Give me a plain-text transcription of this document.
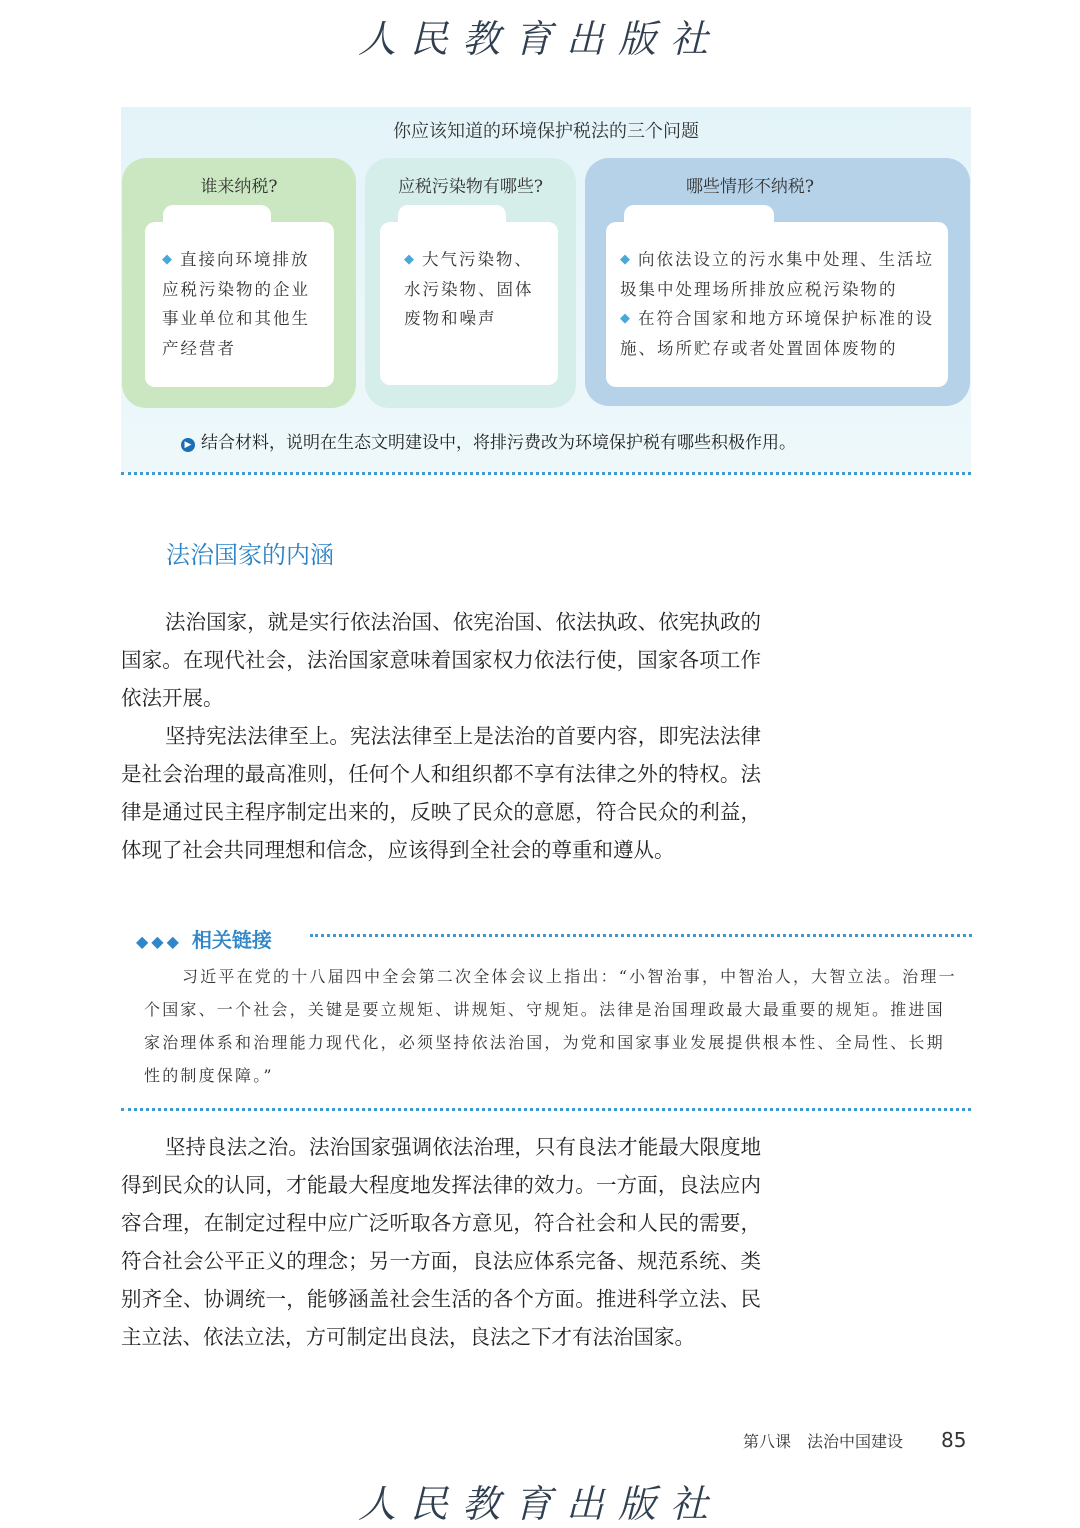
人民教育出版社
你应该知道的环境保护税法的三个问题
谁来纳税?
◆ 直接向环境排放应税污染物的企业事业单位和其他生产经营者
应税污染物有哪些?
◆ 大气污染物、水污染物、固体废物和噪声
哪些情形不纳税?
◆ 向依法设立的污水集中处理、生活垃圾集中处理场所排放应税污染物的
◆ 在符合国家和地方环境保护标准的设施、场所贮存或者处置固体废物的
▶ 结合材料，说明在生态文明建设中，将排污费改为环境保护税有哪些积极作用。
法治国家的内涵

法治国家，就是实行依法治国、依宪治国、依法执政、依宪执政的国家。在现代社会，法治国家意味着国家权力依法行使，国家各项工作依法开展。

坚持宪法法律至上。宪法法律至上是法治的首要内容，即宪法法律是社会治理的最高准则，任何个人和组织都不享有法律之外的特权。法律是通过民主程序制定出来的，反映了民众的意愿，符合民众的利益，体现了社会共同理想和信念，应该得到全社会的尊重和遵从。

◆◆◆ 相关链接
习近平在党的十八届四中全会第二次全体会议上指出：“小智治事，中智治人，大智立法。治理一个国家、一个社会，关键是要立规矩、讲规矩、守规矩。法律是治国理政最大最重要的规矩。推进国家治理体系和治理能力现代化，必须坚持依法治国，为党和国家事业发展提供根本性、全局性、长期性的制度保障。”

坚持良法之治。法治国家强调依法治理，只有良法才能最大限度地得到民众的认同，才能最大程度地发挥法律的效力。一方面，良法应内容合理，在制定过程中应广泛听取各方意见，符合社会和人民的需要，符合社会公平正义的理念；另一方面，良法应体系完备、规范系统、类别齐全、协调统一，能够涵盖社会生活的各个方面。推进科学立法、民主立法、依法立法，方可制定出良法，良法之下才有法治国家。

第八课　法治中国建设 85
人民教育出版社
